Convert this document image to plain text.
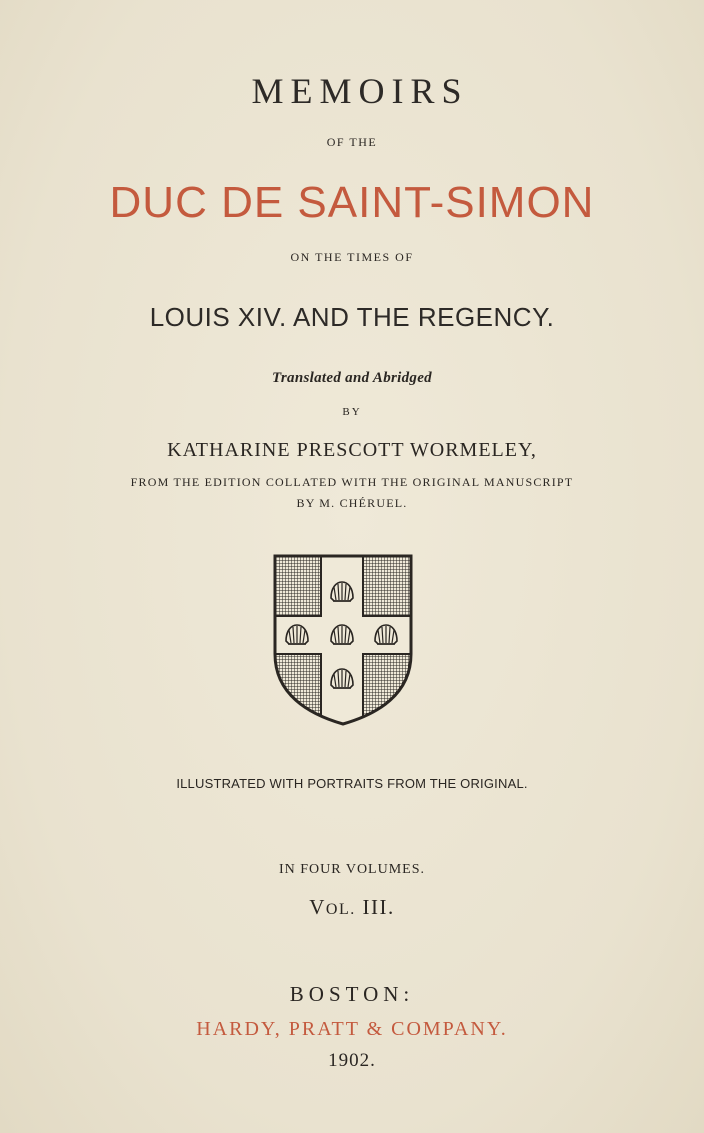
MEMOIRS
OF THE
DUC DE SAINT-SIMON
ON THE TIMES OF
LOUIS XIV. AND THE REGENCY.
Translated and Abridged
BY
KATHARINE PRESCOTT WORMELEY,
FROM THE EDITION COLLATED WITH THE ORIGINAL MANUSCRIPT
BY M. CHÉRUEL.
ILLUSTRATED WITH PORTRAITS FROM THE ORIGINAL.
IN FOUR VOLUMES.
VOL. III.
BOSTON:
HARDY, PRATT & COMPANY.
1902.
